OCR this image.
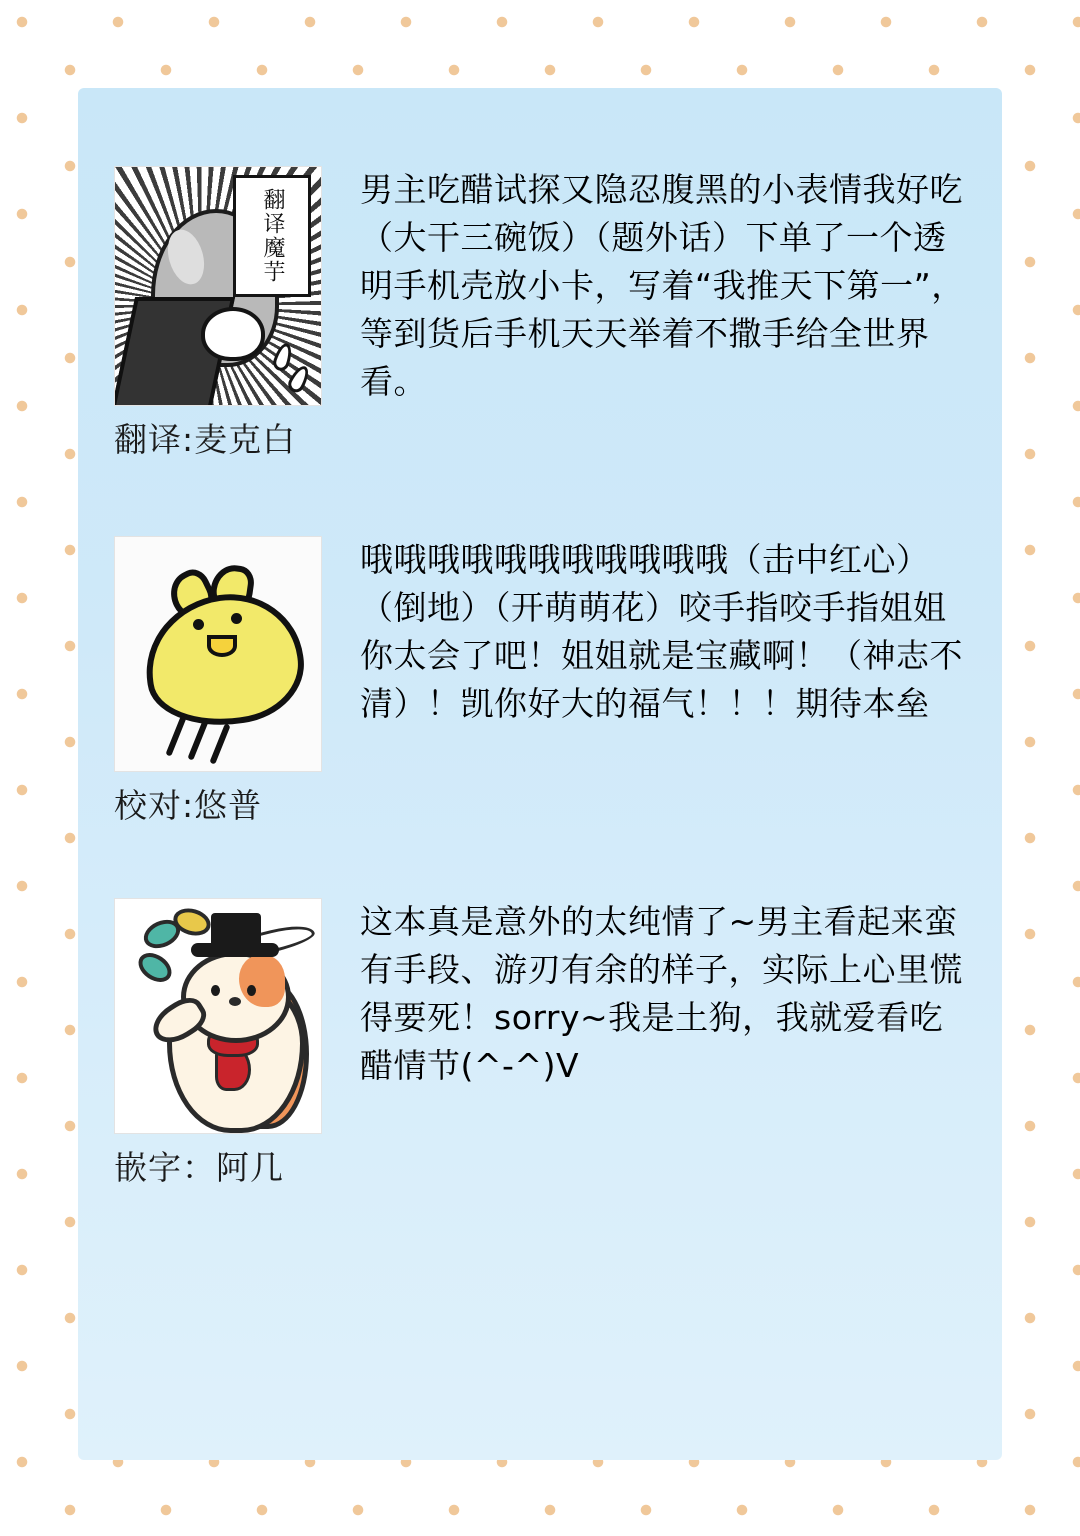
翻译魔芋
翻译:麦克白
男主吃醋试探又隐忍腹黑的小表情我好吃（大干三碗饭）（题外话）下单了一个透明手机壳放小卡，写着“我推天下第一”，等到货后手机天天举着不撒手给全世界看。
校对:悠普
哦哦哦哦哦哦哦哦哦哦哦（击中红心）（倒地）（开萌萌花）咬手指咬手指姐姐你太会了吧！姐姐就是宝藏啊！（神志不清）！凯你好大的福气！！！期待本垒
嵌字：阿几
这本真是意外的太纯情了~男主看起来蛮有手段、游刃有余的样子，实际上心里慌得要死！sorry~我是土狗，我就爱看吃醋情节(^-^)V
